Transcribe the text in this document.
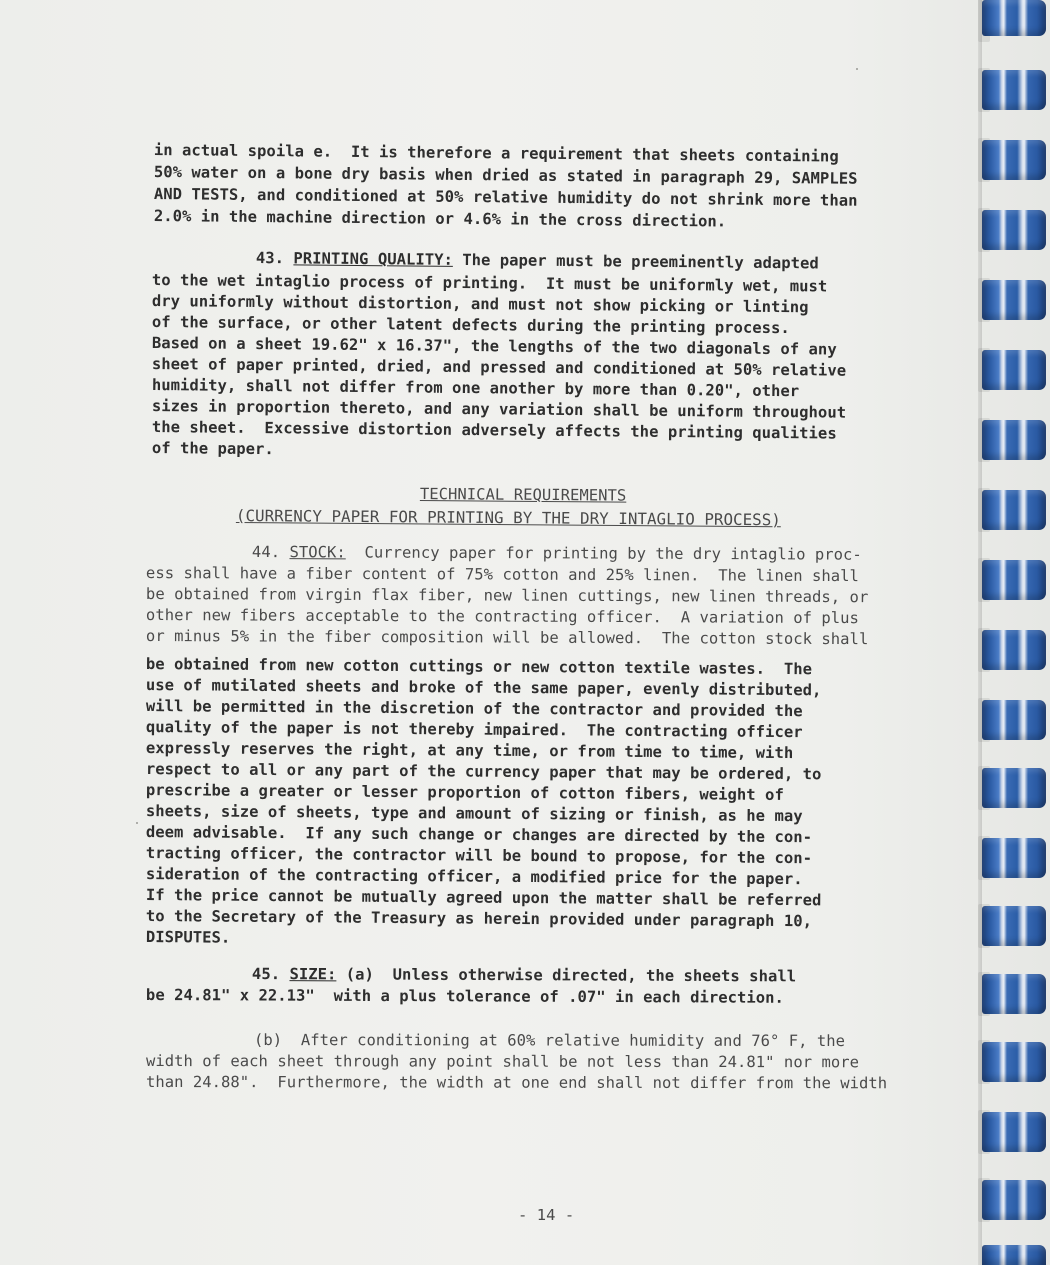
in actual spoila e.  It is therefore a requirement that sheets containing

50% water on a bone dry basis when dried as stated in paragraph 29, SAMPLES

AND TESTS, and conditioned at 50% relative humidity do not shrink more than

2.0% in the machine direction or 4.6% in the cross direction.

43. PRINTING QUALITY: The paper must be preeminently adapted

to the wet intaglio process of printing.  It must be uniformly wet, must

dry uniformly without distortion, and must not show picking or linting

of the surface, or other latent defects during the printing process.

Based on a sheet 19.62" x 16.37", the lengths of the two diagonals of any

sheet of paper printed, dried, and pressed and conditioned at 50% relative

humidity, shall not differ from one another by more than 0.20", other

sizes in proportion thereto, and any variation shall be uniform throughout

the sheet.  Excessive distortion adversely affects the printing qualities

of the paper.

TECHNICAL REQUIREMENTS

(CURRENCY PAPER FOR PRINTING BY THE DRY INTAGLIO PROCESS)

44. STOCK:  Currency paper for printing by the dry intaglio proc-

ess shall have a fiber content of 75% cotton and 25% linen.  The linen shall

be obtained from virgin flax fiber, new linen cuttings, new linen threads, or

other new fibers acceptable to the contracting officer.  A variation of plus

or minus 5% in the fiber composition will be allowed.  The cotton stock shall

be obtained from new cotton cuttings or new cotton textile wastes.  The

use of mutilated sheets and broke of the same paper, evenly distributed,

will be permitted in the discretion of the contractor and provided the

quality of the paper is not thereby impaired.  The contracting officer

expressly reserves the right, at any time, or from time to time, with

respect to all or any part of the currency paper that may be ordered, to

prescribe a greater or lesser proportion of cotton fibers, weight of

sheets, size of sheets, type and amount of sizing or finish, as he may

deem advisable.  If any such change or changes are directed by the con-

tracting officer, the contractor will be bound to propose, for the con-

sideration of the contracting officer, a modified price for the paper.

If the price cannot be mutually agreed upon the matter shall be referred

to the Secretary of the Treasury as herein provided under paragraph 10,

DISPUTES.

45. SIZE: (a)  Unless otherwise directed, the sheets shall

be 24.81" x 22.13"  with a plus tolerance of .07" in each direction.

(b)  After conditioning at 60% relative humidity and 76° F, the

width of each sheet through any point shall be not less than 24.81" nor more

than 24.88".  Furthermore, the width at one end shall not differ from the width

- 14 -
